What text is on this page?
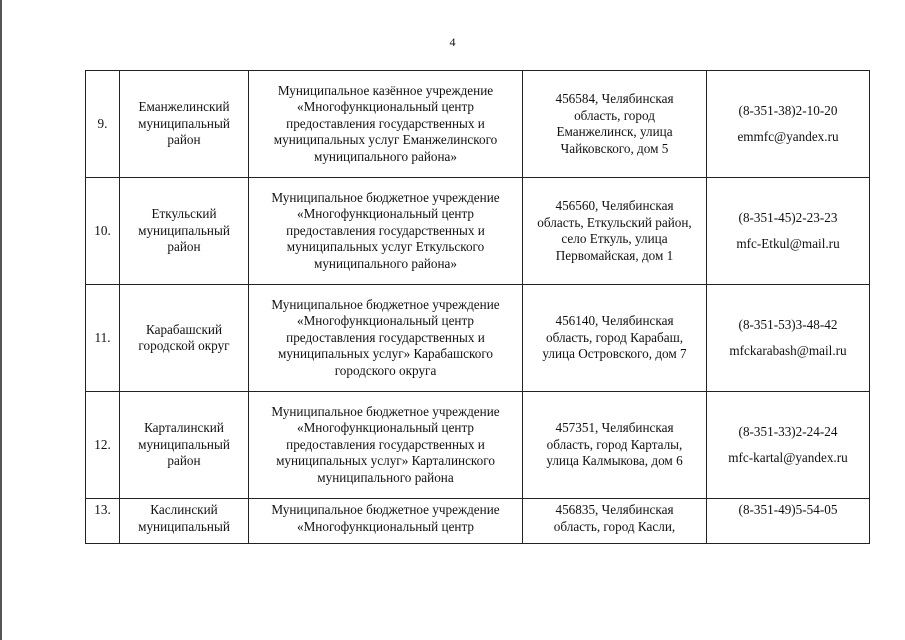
4
9.	Еманжелинский
муниципальный
район	Муниципальное казённое учреждение
«Многофункциональный центр
предоставления государственных и
муниципальных услуг Еманжелинского
муниципального района»	456584, Челябинская
область, город
Еманжелинск, улица
Чайковского, дом 5	(8-351-38)2-10-20
emmfc@yandex.ru

10.	Еткульский
муниципальный
район	Муниципальное бюджетное учреждение
«Многофункциональный центр
предоставления государственных и
муниципальных услуг Еткульского
муниципального района»	456560, Челябинская
область, Еткульский район,
село Еткуль, улица
Первомайская, дом 1	(8-351-45)2-23-23
mfc-Etkul@mail.ru

11.	Карабашский
городской округ	Муниципальное бюджетное учреждение
«Многофункциональный центр
предоставления государственных и
муниципальных услуг» Карабашского
городского округа	456140, Челябинская
область, город Карабаш,
улица Островского, дом 7	(8-351-53)3-48-42
mfckarabash@mail.ru

12.	Карталинский
муниципальный
район	Муниципальное бюджетное учреждение
«Многофункциональный центр
предоставления государственных и
муниципальных услуг» Карталинского
муниципального района	457351, Челябинская
область, город Карталы,
улица Калмыкова, дом 6	(8-351-33)2-24-24
mfc-kartal@yandex.ru

13.	Каслинский
муниципальный	Муниципальное бюджетное учреждение
«Многофункциональный центр	456835, Челябинская
область, город Касли,	(8-351-49)5-54-05
